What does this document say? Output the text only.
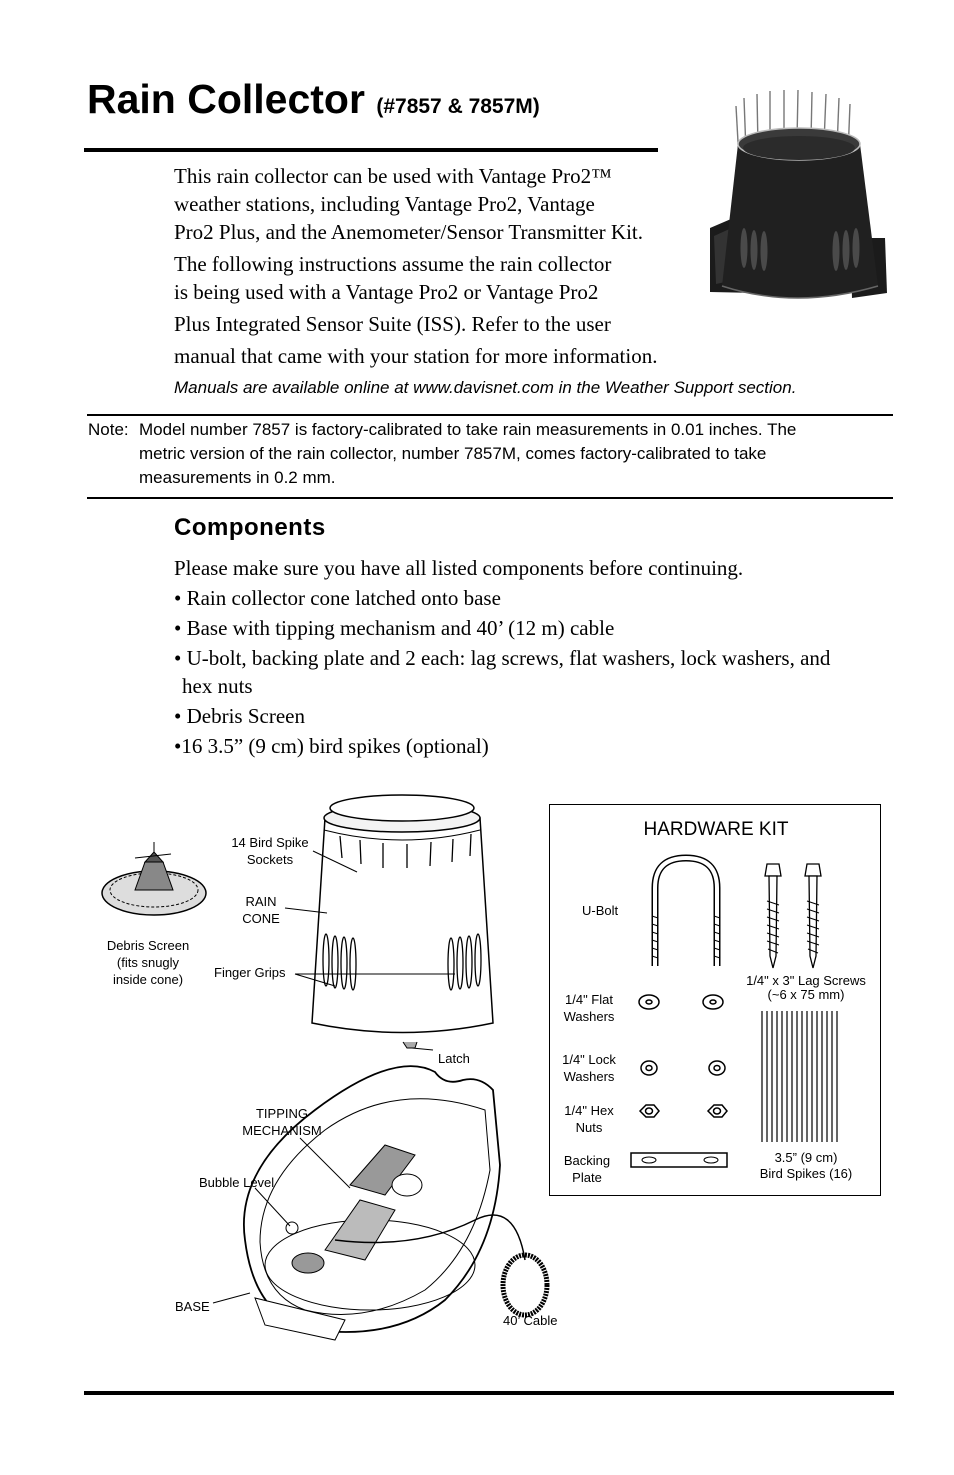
Rain Collector (#7857 & 7857M)
This rain collector can be used with Vantage Pro2™
weather stations, including Vantage Pro2, Vantage
Pro2 Plus, and the Anemometer/Sensor Transmitter Kit.
The following instructions assume the rain collector
is being used with a Vantage Pro2 or Vantage Pro2
Plus Integrated Sensor Suite (ISS). Refer to the user
manual that came with your station for more information.
Manuals are available online at www.davisnet.com in the Weather Support section.
Note: Model number 7857 is factory-calibrated to take rain measurements in 0.01 inches. The
metric version of the rain collector, number 7857M, comes factory-calibrated to take
measurements in 0.2 mm.
Components
Please make sure you have all listed components before continuing.
• Rain collector cone latched onto base
• Base with tipping mechanism and 40’ (12 m) cable
• U-bolt, backing plate and 2 each: lag screws, flat washers, lock washers, and
hex nuts
• Debris Screen
•16 3.5” (9 cm) bird spikes (optional)
14 Bird Spike
Sockets
RAIN
CONE
Debris Screen
(fits snugly
inside cone)	Finger Grips
Latch
TIPPING
MECHANISM
Bubble Level
BASE
40’ Cable
HARDWARE KIT
U-Bolt
1/4" x 3" Lag Screws
(~6 x 75 mm)
1/4" Flat
Washers
1/4" Lock
Washers
1/4" Hex
Nuts
Backing
Plate
3.5” (9 cm)
Bird Spikes (16)
